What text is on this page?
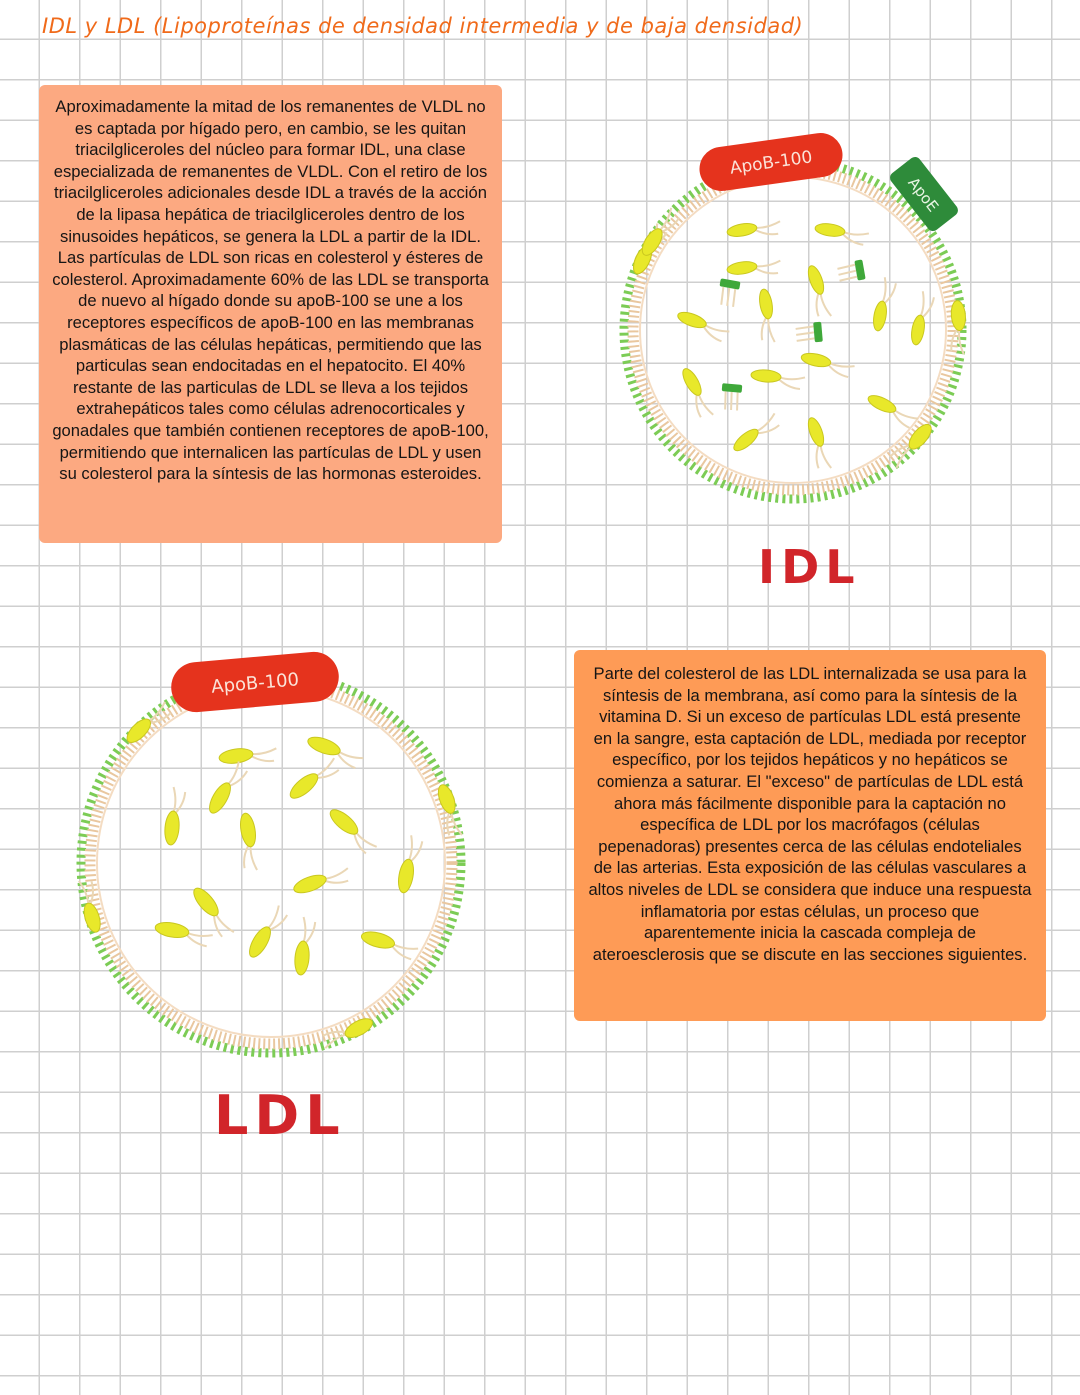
IDL y LDL (Lipoproteínas de densidad intermedia y de baja densidad)
Aproximadamente la mitad de los remanentes de VLDL no es captada por hígado pero, en cambio, se les quitan triacilgliceroles del núcleo para formar IDL, una clase especializada de remanentes de VLDL. Con el retiro de los triacilgliceroles adicionales desde IDL a través de la acción de la lipasa hepática de triacilgliceroles dentro de los sinusoides hepáticos, se genera la LDL a partir de la IDL. Las partículas de LDL son ricas en colesterol y ésteres de colesterol. Aproximadamente 60% de las LDL se transporta de nuevo al hígado donde su apoB-100 se une a los receptores específicos de apoB-100 en las membranas plasmáticas de las células hepáticas, permitiendo que las particulas sean endocitadas en el hepatocito. El 40% restante de las particulas de LDL se lleva a los tejidos extrahepáticos tales como células adrenocorticales y gonadales que también contienen receptores de apoB-100, permitiendo que internalicen las partículas de LDL y usen su colesterol para la síntesis de las hormonas esteroides.
ApoB-100
ApoE
IDL
ApoB-100
LDL
Parte del colesterol de las LDL internalizada se usa para la síntesis de la membrana, así como para la síntesis de la vitamina D. Si un exceso de partículas LDL está presente en la sangre, esta captación de LDL, mediada por receptor específico, por los tejidos hepáticos y no hepáticos se comienza a saturar. El "exceso" de partículas de LDL está ahora más fácilmente disponible para la captación no específica de LDL por los macrófagos (células pepenadoras) presentes cerca de las células endoteliales de las arterias. Esta exposición de las células vasculares a altos niveles de LDL se considera que induce una respuesta inflamatoria por estas células, un proceso que aparentemente inicia la cascada compleja de ateroesclerosis que se discute en las secciones siguientes.
